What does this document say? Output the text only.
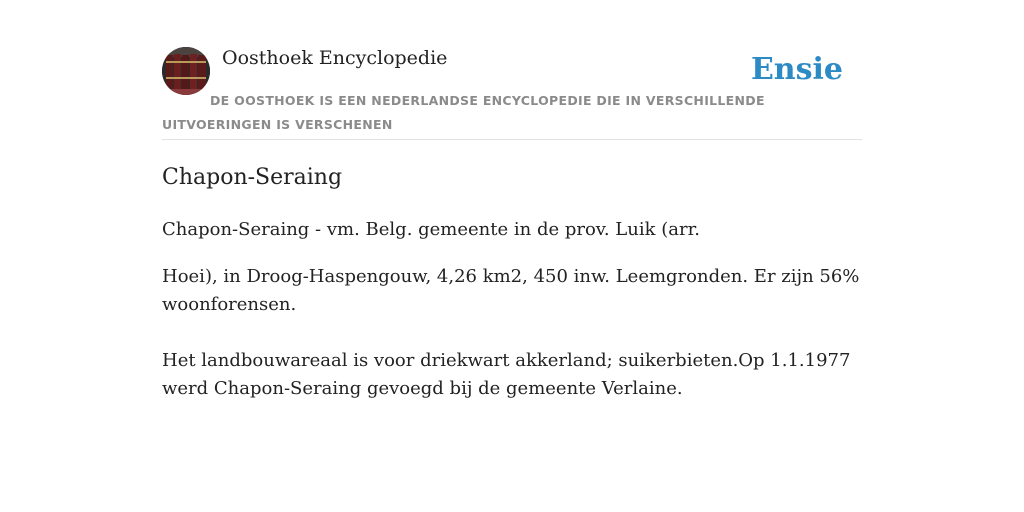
Oosthoek Encyclopedie	Ensie
DE OOSTHOEK IS EEN NEDERLANDSE ENCYCLOPEDIE DIE IN VERSCHILLENDE UITVOERINGEN IS VERSCHENEN
Chapon-Seraing

Chapon-Seraing - vm. Belg. gemeente in de prov. Luik (arr.

Hoei), in Droog-Haspengouw, 4,26 km2, 450 inw. Leemgronden. Er zijn 56% woonforensen.

Het landbouwareaal is voor driekwart akkerland; suikerbieten.Op 1.1.1977 werd Chapon-Seraing gevoegd bij de gemeente Verlaine.
